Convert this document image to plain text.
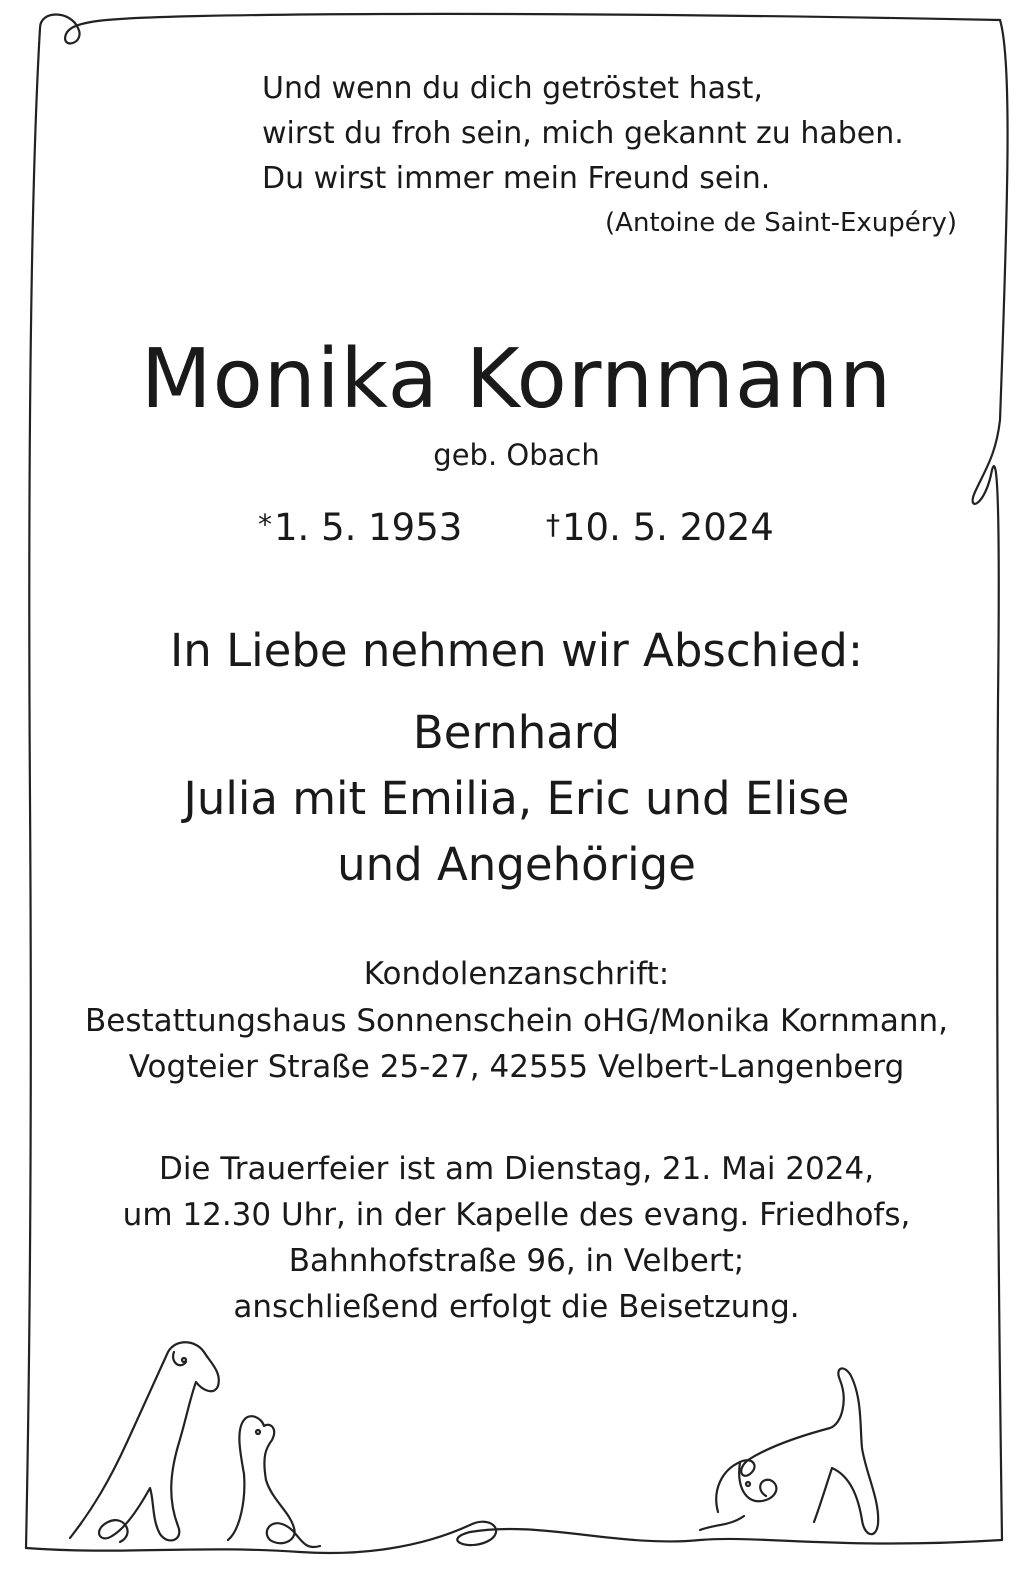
Und wenn du dich getröstet hast,
wirst du froh sein, mich gekannt zu haben.
Du wirst immer mein Freund sein.
(Antoine de Saint-Exupéry)
Monika Kornmann
geb. Obach
*1. 5. 1953	†10. 5. 2024
In Liebe nehmen wir Abschied:
Bernhard
Julia mit Emilia, Eric und Elise
und Angehörige
Kondolenzanschrift:
Bestattungshaus Sonnenschein oHG/Monika Kornmann,
Vogteier Straße 25-27, 42555 Velbert-Langenberg
Die Trauerfeier ist am Dienstag, 21. Mai 2024,
um 12.30 Uhr, in der Kapelle des evang. Friedhofs,
Bahnhofstraße 96, in Velbert;
anschließend erfolgt die Beisetzung.
